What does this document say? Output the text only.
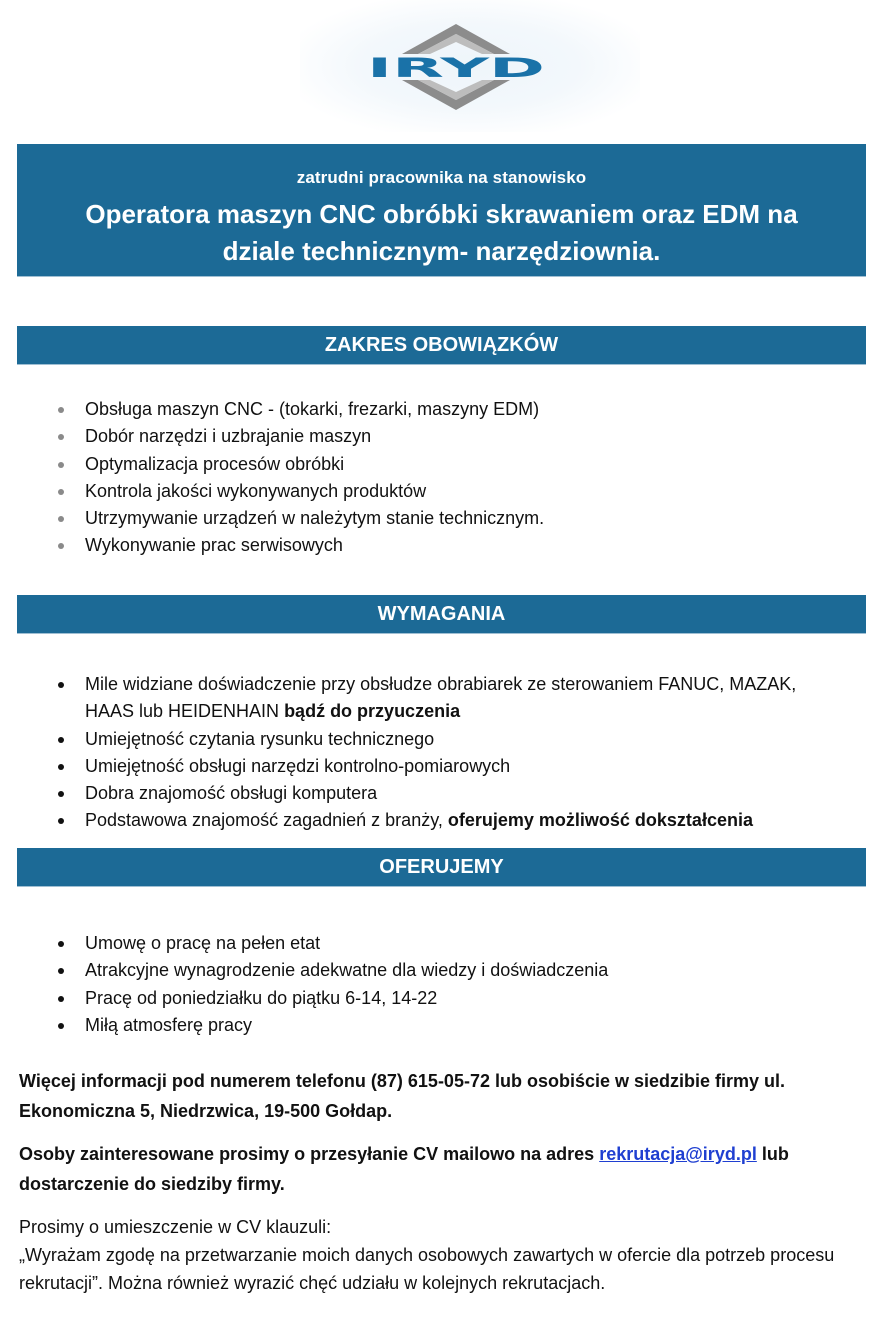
IRYD
zatrudni pracownika na stanowisko
Operatora maszyn CNC obróbki skrawaniem oraz EDM na
dziale technicznym- narzędziownia.
ZAKRES OBOWIĄZKÓW
Obsługa maszyn CNC - (tokarki, frezarki, maszyny EDM)
Dobór narzędzi i uzbrajanie maszyn
Optymalizacja procesów obróbki
Kontrola jakości wykonywanych produktów
Utrzymywanie urządzeń w należytym stanie technicznym.
Wykonywanie prac serwisowych
WYMAGANIA
Mile widziane doświadczenie przy obsłudze obrabiarek ze sterowaniem FANUC, MAZAK, HAAS lub HEIDENHAIN bądź do przyuczenia
Umiejętność czytania rysunku technicznego
Umiejętność obsługi narzędzi kontrolno-pomiarowych
Dobra znajomość obsługi komputera
Podstawowa znajomość zagadnień z branży, oferujemy możliwość dokształcenia
OFERUJEMY
Umowę o pracę na pełen etat
Atrakcyjne wynagrodzenie adekwatne dla wiedzy i doświadczenia
Pracę od poniedziałku do piątku 6-14, 14-22
Miłą atmosferę pracy
Więcej informacji pod numerem telefonu (87) 615-05-72 lub osobiście w siedzibie firmy ul. Ekonomiczna 5, Niedrzwica, 19-500 Gołdap.
Osoby zainteresowane prosimy o przesyłanie CV mailowo na adres rekrutacja@iryd.pl lub dostarczenie do siedziby firmy.
Prosimy o umieszczenie w CV klauzuli:
„Wyrażam zgodę na przetwarzanie moich danych osobowych zawartych w ofercie dla potrzeb procesu rekrutacji”. Można również wyrazić chęć udziału w kolejnych rekrutacjach.
